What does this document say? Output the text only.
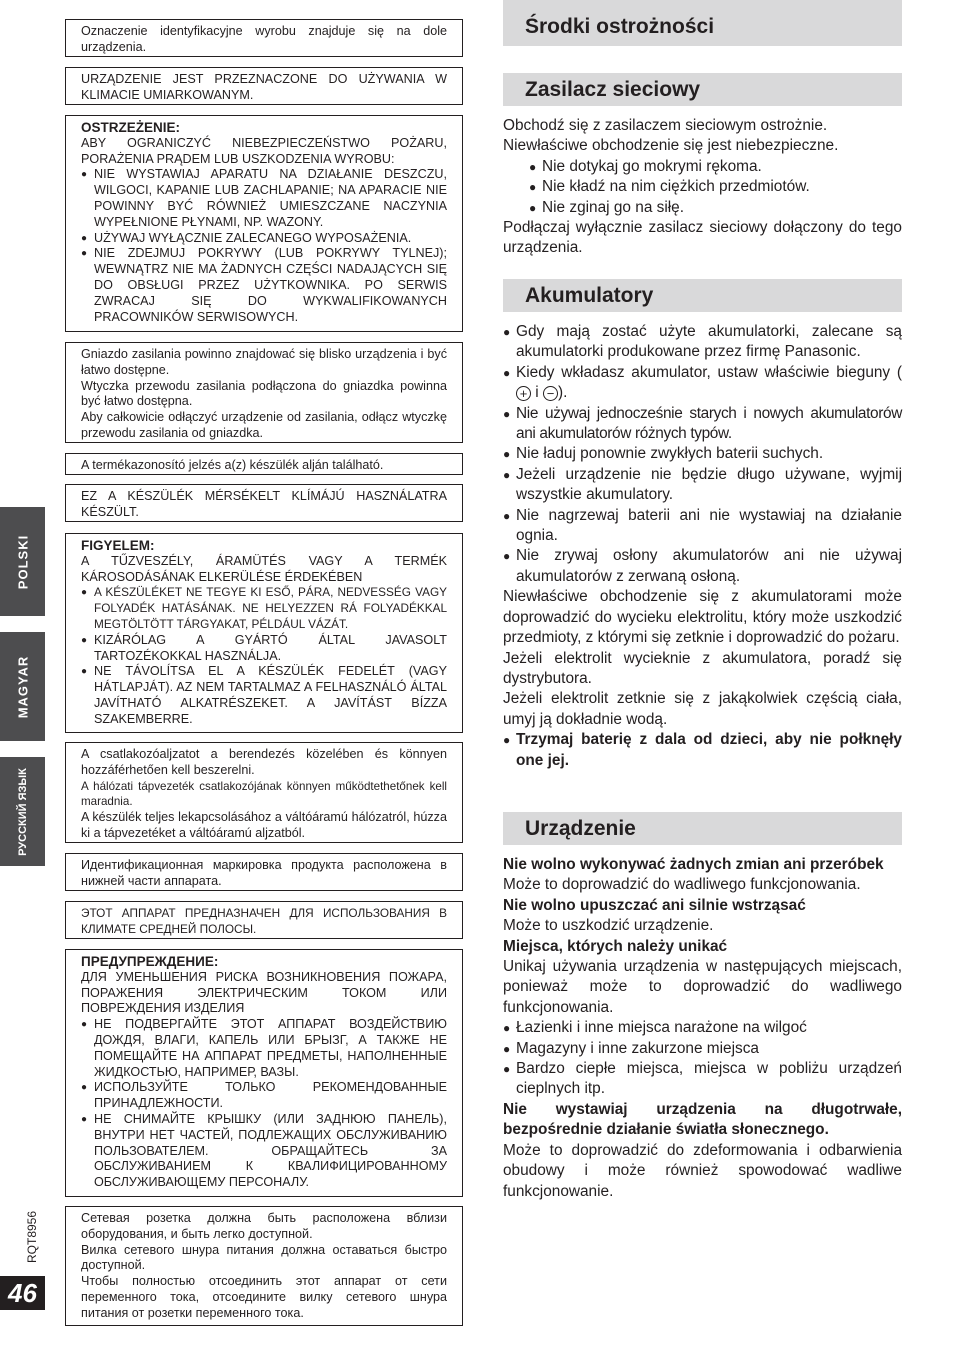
Oznaczenie identyfikacyjne wyrobu znajduje się na dole urządzenia.

URZĄDZENIE JEST PRZEZNACZONE DO UŻYWANIA W KLIMACIE UMIARKOWANYM.

OSTRZEŻENIE:

ABY OGRANICZYĆ NIEBEZPIECZEŃSTWO POŻARU, PORAŻENIA PRĄDEM LUB USZKODZENIA WYROBU:

● NIE WYSTAWIAJ APARATU NA DZIAŁANIE DESZCZU, WILGOCI, KAPANIE LUB ZACHLAPANIE; NA APARACIE NIE POWINNY BYĆ RÓWNIEŻ UMIESZCZANE NACZYNIA WYPEŁNIONE PŁYNAMI, NP. WAZONY.
● UŻYWAJ WYŁĄCZNIE ZALECANEGO WYPOSAŻENIA.
● NIE ZDEJMUJ POKRYWY (LUB POKRYWY TYLNEJ); WEWNĄTRZ NIE MA ŻADNYCH CZĘŚCI NADAJĄCYCH SIĘ DO OBSŁUGI PRZEZ UŻYTKOWNIKA. PO SERWIS ZWRACAJ SIĘ DO WYKWALIFIKOWANYCH PRACOWNIKÓW SERWISOWYCH.

Gniazdo zasilania powinno znajdować się blisko urządzenia i być łatwo dostępne.

Wtyczka przewodu zasilania podłączona do gniazdka powinna być łatwo dostępna.

Aby całkowicie odłączyć urządzenie od zasilania, odłącz wtyczkę przewodu zasilania od gniazdka.

A termékazonosító jelzés a(z) készülék alján található.

EZ A KÉSZÜLÉK MÉRSÉKELT KLÍMÁJÚ HASZNÁLATRA KÉSZÜLT.

FIGYELEM:

A TŰZVESZÉLY, ÁRAMÜTÉS VAGY A TERMÉK KÁROSODÁSÁNAK ELKERÜLÉSE ÉRDEKÉBEN

● A KÉSZÜLÉKET NE TEGYE KI ESŐ, PÁRA, NEDVESSÉG VAGY FOLYADÉK HATÁSÁNAK. NE HELYEZZEN RÁ FOLYADÉKKAL MEGTÖLTÖTT TÁRGYAKAT, PÉLDÁUL VÁZÁT.
● KIZÁRÓLAG A GYÁRTÓ ÁLTAL JAVASOLT TARTOZÉKOKKAL HASZNÁLJA.
● NE TÁVOLÍTSA EL A KÉSZÜLÉK FEDELÉT (VAGY HÁTLAPJÁT). AZ NEM TARTALMAZ A FELHASZNÁLÓ ÁLTAL JAVÍTHATÓ ALKATRÉSZEKET. A JAVÍTÁST BÍZZA SZAKEMBERRE.

A csatlakozóaljzatot a berendezés közelében és könnyen hozzáférhetően kell beszerelni.

A hálózati tápvezeték csatlakozójának könnyen működtethetőnek kell maradnia.

A készülék teljes lekapcsolásához a váltóáramú hálózatról, húzza ki a tápvezetéket a váltóáramú aljzatból.

Идентификационная маркировка продукта расположена в нижней части аппарата.

ЭТОТ АППАРАТ ПРЕДНАЗНАЧЕН ДЛЯ ИСПОЛЬЗОВАНИЯ В КЛИМАТЕ СРЕДНЕЙ ПОЛОСЫ.

ПРЕДУПРЕЖДЕНИЕ:

ДЛЯ УМЕНЬШЕНИЯ РИСКА ВОЗНИКНОВЕНИЯ ПОЖАРА, ПОРАЖЕНИЯ ЭЛЕКТРИЧЕСКИМ ТОКОМ ИЛИ ПОВРЕЖДЕНИЯ ИЗДЕЛИЯ

● НЕ ПОДВЕРГАЙТЕ ЭТОТ АППАРАТ ВОЗДЕЙСТВИЮ ДОЖДЯ, ВЛАГИ, КАПЕЛЬ ИЛИ БРЫЗГ, А ТАКЖЕ НЕ ПОМЕЩАЙТЕ НА АППАРАТ ПРЕДМЕТЫ, НАПОЛНЕННЫЕ ЖИДКОСТЬЮ, НАПРИМЕР, ВАЗЫ.
● ИСПОЛЬЗУЙТЕ ТОЛЬКО РЕКОМЕНДОВАННЫЕ ПРИНАДЛЕЖНОСТИ.
● НЕ СНИМАЙТЕ КРЫШКУ (ИЛИ ЗАДНЮЮ ПАНЕЛЬ), ВНУТРИ НЕТ ЧАСТЕЙ, ПОДЛЕЖАЩИХ ОБСЛУЖИВАНИЮ ПОЛЬЗОВАТЕЛЕМ. ОБРАЩАЙТЕСЬ ЗА ОБСЛУЖИВАНИЕМ К КВАЛИФИЦИРОВАННОМУ ОБСЛУЖИВАЮЩЕМУ ПЕРСОНАЛУ.

Сетевая розетка должна быть расположена вблизи оборудования, и быть легко доступной.

Вилка сетевого шнура питания должна оставаться быстро доступной.

Чтобы полностью отсоединить этот аппарат от сети переменного тока, отсоедините вилку сетевого шнура питания от розетки переменного тока.

POLSKI
MAGYAR
РУССКИЙ ЯЗЫК
RQT8956
46
Środki ostrożności
Zasilacz sieciowy

Obchodź się z zasilaczem sieciowym ostrożnie.

Niewłaściwe obchodzenie się jest niebezpieczne.

● Nie dotykaj go mokrymi rękoma.
● Nie kładź na nim ciężkich przedmiotów.
● Nie zginaj go na siłę.

Podłączaj wyłącznie zasilacz sieciowy dołączony do tego urządzenia.

Akumulatory
● Gdy mają zostać użyte akumulatorki, zalecane są akumulatorki produkowane przez firmę Panasonic.
● Kiedy wkładasz akumulator, ustaw właściwie bieguny (+ i − ).
● Nie używaj jednocześnie starych i nowych akumulatorów ani akumulatorów różnych typów.
● Nie ładuj ponownie zwykłych baterii suchych.
● Jeżeli urządzenie nie będzie długo używane, wyjmij wszystkie akumulatory.
● Nie nagrzewaj baterii ani nie wystawiaj na działanie ognia.
● Nie zrywaj osłony akumulatorów ani nie używaj akumulatorów z zerwaną osłoną.

Niewłaściwe obchodzenie się z akumulatorami może doprowadzić do wycieku elektrolitu, który może uszkodzić przedmioty, z którymi się zetknie i doprowadzić do pożaru.

Jeżeli elektrolit wycieknie z akumulatora, poradź się dystrybutora.

Jeżeli elektrolit zetknie się z jakąkolwiek częścią ciała, umyj ją dokładnie wodą.

● Trzymaj baterię z dala od dzieci, aby nie połknęły one jej.
Urządzenie

Nie wolno wykonywać żadnych zmian ani przeróbek

Może to doprowadzić do wadliwego funkcjonowania.

Nie wolno upuszczać ani silnie wstrząsać

Może to uszkodzić urządzenie.

Miejsca, których należy unikać

Unikaj używania urządzenia w następujących miejscach, ponieważ może to doprowadzić do wadliwego funkcjonowania.

● Łazienki i inne miejsca narażone na wilgoć
● Magazyny i inne zakurzone miejsca
● Bardzo ciepłe miejsca, miejsca w pobliżu urządzeń cieplnych itp.

Nie wystawiaj urządzenia na długotrwałe, bezpośrednie działanie światła słonecznego.

Może to doprowadzić do zdeformowania i odbarwienia obudowy i może również spowodować wadliwe funkcjonowanie.
